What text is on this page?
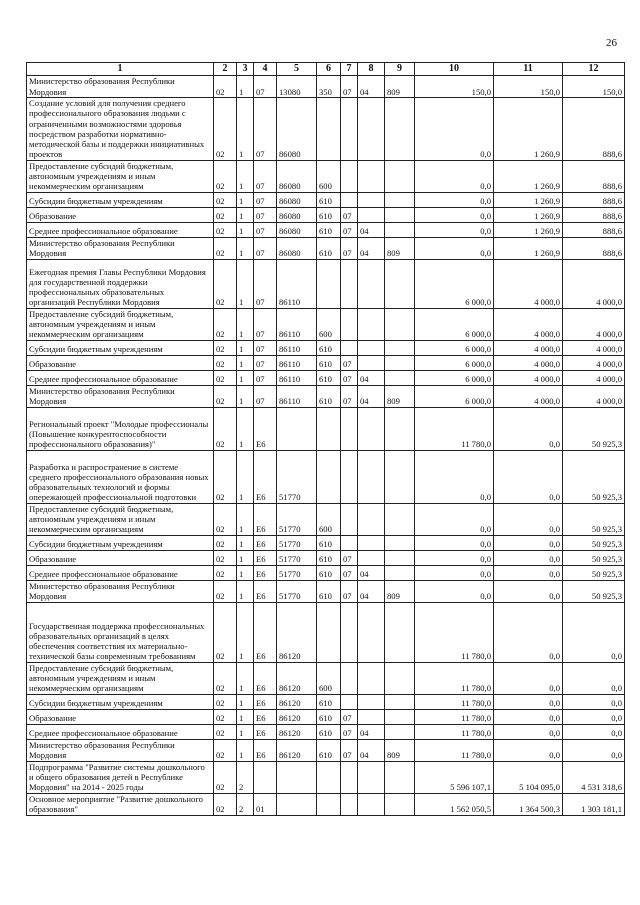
26
1	2	3	4	5	6	7	8	9	10	11	12
Министерство образования Республики Мордовия	02	1	07	13080	350	07	04	809	150,0	150,0	150,0
Создание условий для получения среднего профессионального образования людьми с ограниченными возможностями здоровья посредством разработки нормативно-методической базы и поддержки инициативных проектов	02	1	07	86080					0,0	1 260,9	888,6
Предоставление субсидий бюджетным, автономным учреждениям и иным некоммерческим организациям	02	1	07	86080	600				0,0	1 260,9	888,6
Субсидии бюджетным учреждениям	02	1	07	86080	610				0,0	1 260,9	888,6
Образование	02	1	07	86080	610	07			0,0	1 260,9	888,6
Среднее профессиональное образование	02	1	07	86080	610	07	04		0,0	1 260,9	888,6
Министерство образования Республики Мордовия	02	1	07	86080	610	07	04	809	0,0	1 260,9	888,6
Ежегодная премия Главы Республики Мордовия для государственной поддержки профессиональных образовательных организаций Республики Мордовия	02	1	07	86110					6 000,0	4 000,0	4 000,0
Предоставление субсидий бюджетным, автономным учреждениям и иным некоммерческим организациям	02	1	07	86110	600				6 000,0	4 000,0	4 000,0
Субсидии бюджетным учреждениям	02	1	07	86110	610				6 000,0	4 000,0	4 000,0
Образование	02	1	07	86110	610	07			6 000,0	4 000,0	4 000,0
Среднее профессиональное образование	02	1	07	86110	610	07	04		6 000,0	4 000,0	4 000,0
Министерство образования Республики Мордовия	02	1	07	86110	610	07	04	809	6 000,0	4 000,0	4 000,0
Региональный проект "Молодые профессионалы (Повышение конкурентоспособности профессионального образования)"	02	1	E6						11 780,0	0,0	50 925,3
Разработка и распространение в системе среднего профессионального образования новых образовательных технологий и формы опережающей профессиональной подготовки	02	1	E6	51770					0,0	0,0	50 925,3
Предоставление субсидий бюджетным, автономным учреждениям и иным некоммерческим организациям	02	1	E6	51770	600				0,0	0,0	50 925,3
Субсидии бюджетным учреждениям	02	1	E6	51770	610				0,0	0,0	50 925,3
Образование	02	1	E6	51770	610	07			0,0	0,0	50 925,3
Среднее профессиональное образование	02	1	E6	51770	610	07	04		0,0	0,0	50 925,3
Министерство образования Республики Мордовия	02	1	E6	51770	610	07	04	809	0,0	0,0	50 925,3
Государственная поддержка профессиональных образовательных организаций в целях обеспечения соответствия их материально-технической базы современным требованиям	02	1	E6	86120					11 780,0	0,0	0,0
Предоставление субсидий бюджетным, автономным учреждениям и иным некоммерческим организациям	02	1	E6	86120	600				11 780,0	0,0	0,0
Субсидии бюджетным учреждениям	02	1	E6	86120	610				11 780,0	0,0	0,0
Образование	02	1	E6	86120	610	07			11 780,0	0,0	0,0
Среднее профессиональное образование	02	1	E6	86120	610	07	04		11 780,0	0,0	0,0
Министерство образования Республики Мордовия	02	1	E6	86120	610	07	04	809	11 780,0	0,0	0,0
Подпрограмма "Развитие системы дошкольного и общего образования детей в Республике Мордовия" на 2014 - 2025 годы	02	2							5 596 107,1	5 104 095,0	4 531 318,6
Основное мероприятие "Развитие дошкольного образования"	02	2	01						1 562 050,5	1 364 500,3	1 303 181,1
